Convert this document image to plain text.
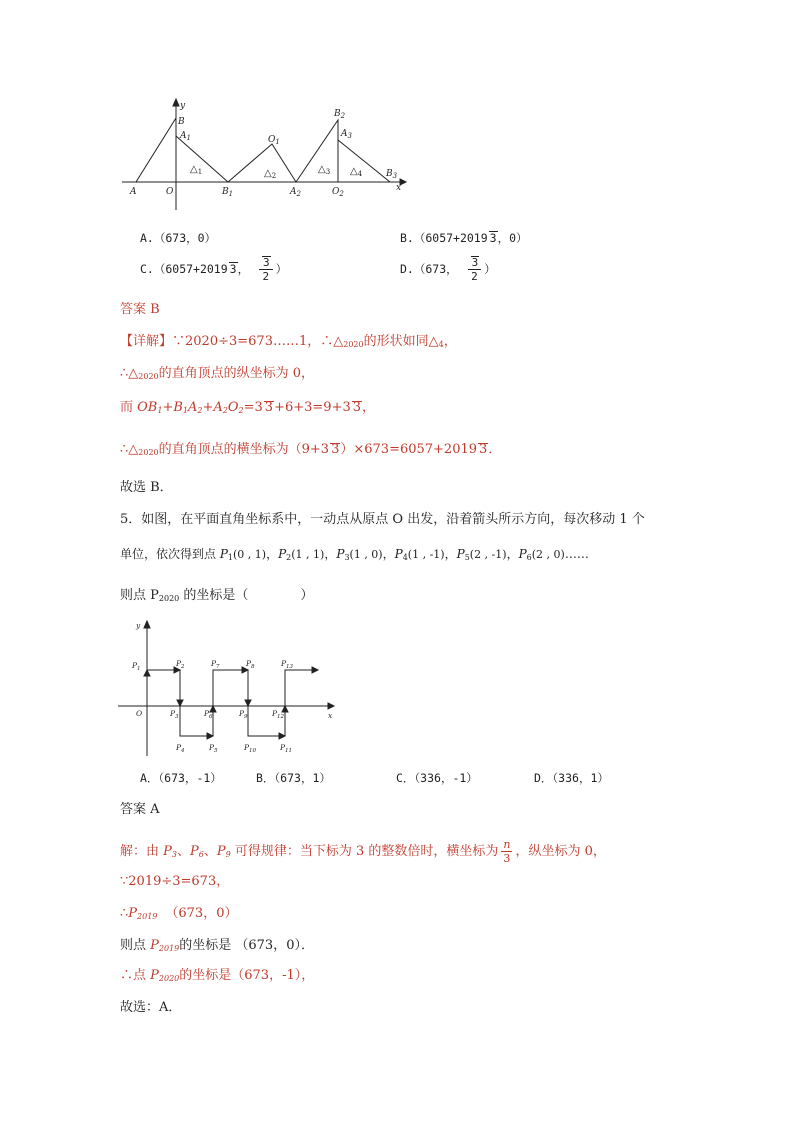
y
x
B
$A_1$	$O_1$
$B_2$
$A_3$
A	O	$B_1$	$A_2$	$O_2$
$B_3$
$\triangle_1$	$\triangle_2$
$\triangle_3$ $\triangle_4$
A.（673，0）	B.（6057+2019 3，0）
C.（6057+2019 3， $\frac{3}{2}$ ）	D.（673， $\frac{3}{2}$ ）
答案 B
【详解】∵2020÷3=673……1，$\therefore\triangle_{2020}$的形状如同$\triangle_4$，
$\therefore\triangle_{2020}$的直角顶点的纵坐标为 0，
而 $OB_1+B_1A_2+A_2O_2=3$ 3+6+3=9+3 3，
$\therefore\triangle_{2020}$的直角顶点的横坐标为（9+3 3）×673=6057+2019 3．
故选 B．
5．如图，在平面直角坐标系中，一动点从原点 O 出发，沿着箭头所示方向，每次移动 1 个
单位，依次得到点 $P_1(0$ , 1)，$P_2(1$ , 1)，$P_3(1$ , 0)，$P_4(1$ , -1)，$P_5(2$ , -1)，$P_6(2$ , 0)……
则点 $P_{2020}$ 的坐标是（　　　　）
y
x
O
$P_1$
$P_2$	$P_7$	$P_8$	$P_{13}$
$P_3$	$P_6$	$P_9$	$P_{12}$
$P_4$	$P_5$	$P_{10}$	$P_{11}$
A．（673，-1）	B．（673，1）	C．（336，-1）	D．（336，1）
答案 A
解：由 $P_3$、$P_6$、$P_9$ 可得规律：当下标为 3 的整数倍时，横坐标为 $\frac{n}{3}$ ，纵坐标为 0，
∵2019÷3=673，
$\therefore P_{2019}$ （673，0）
则点 $P_{2019}$的坐标是 （673，0）．
∴点 $P_{2020}$的坐标是（673，-1），
故选：A．
